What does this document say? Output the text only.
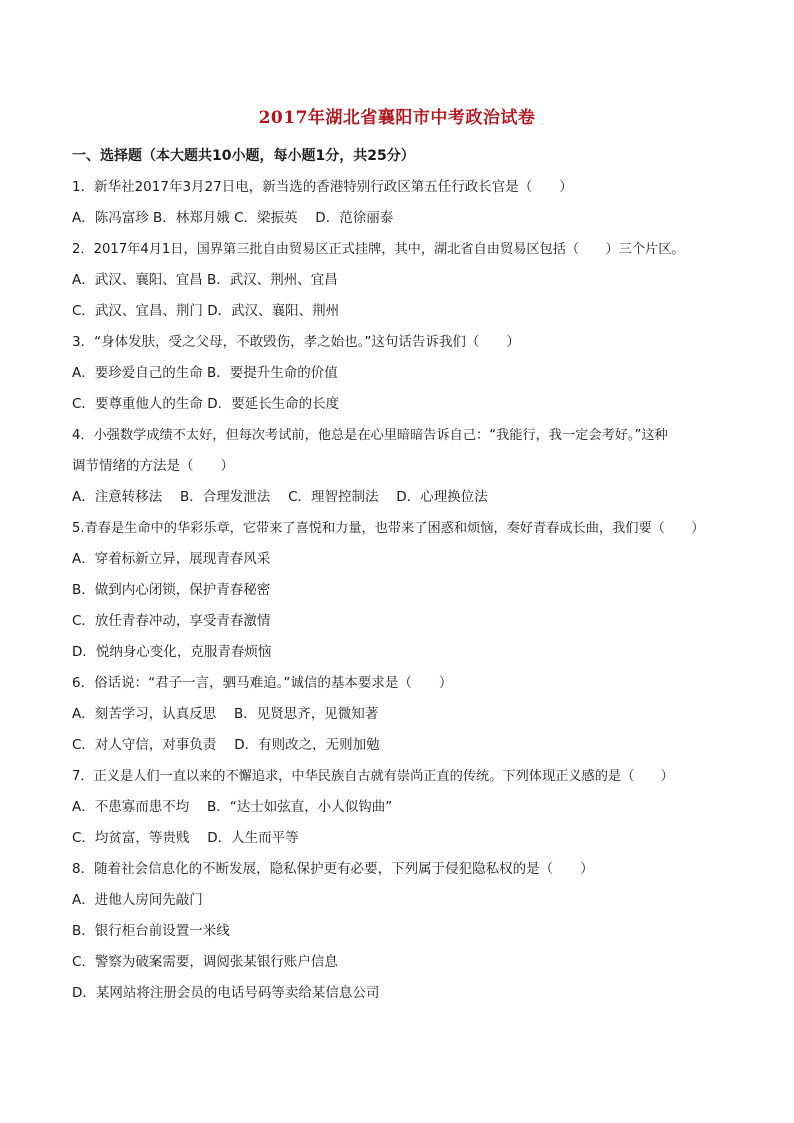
2017年湖北省襄阳市中考政治试卷
一、选择题（本大题共10小题，每小题1分，共25分）
1．新华社2017年3月27日电，新当选的香港特别行政区第五任行政长官是（　　）
A．陈冯富珍 B．林郑月娥 C．梁振英　 D．范徐丽泰
2．2017年4月1日，国界第三批自由贸易区正式挂牌，其中，湖北省自由贸易区包括（　　）三个片区。
A．武汉、襄阳、宜昌 B．武汉、荆州、宜昌
C．武汉、宜昌、荆门 D．武汉、襄阳、荆州
3．“身体发肤，受之父母，不敢毁伤，孝之始也。”这句话告诉我们（　　）
A．要珍爱自己的生命 B．要提升生命的价值
C．要尊重他人的生命 D．要延长生命的长度
4．小强数学成绩不太好，但每次考试前，他总是在心里暗暗告诉自己：“我能行，我一定会考好。”这种
调节情绪的方法是（　　）
A．注意转移法　 B．合理发泄法　 C．理智控制法　 D．心理换位法
5.青春是生命中的华彩乐章，它带来了喜悦和力量，也带来了困惑和烦恼，奏好青春成长曲，我们要（　　）
A．穿着标新立异，展现青春风采
B．做到内心闭锁，保护青春秘密
C．放任青春冲动，享受青春激情
D．悦纳身心变化，克服青春烦恼
6．俗话说：“君子一言，驷马难追。”诚信的基本要求是（　　）
A．刻苦学习，认真反思　 B．见贤思齐，见微知著
C．对人守信，对事负责　 D．有则改之，无则加勉
7．正义是人们一直以来的不懈追求，中华民族自古就有崇尚正直的传统。下列体现正义感的是（　　）
A．不患寡而患不均　 B．“达士如弦直，小人似钩曲”
C．均贫富，等贵贱　 D．人生而平等
8．随着社会信息化的不断发展，隐私保护更有必要，下列属于侵犯隐私权的是（　　）
A．进他人房间先敲门
B．银行柜台前设置一米线
C．警察为破案需要，调阅张某银行账户信息
D．某网站将注册会员的电话号码等卖给某信息公司
